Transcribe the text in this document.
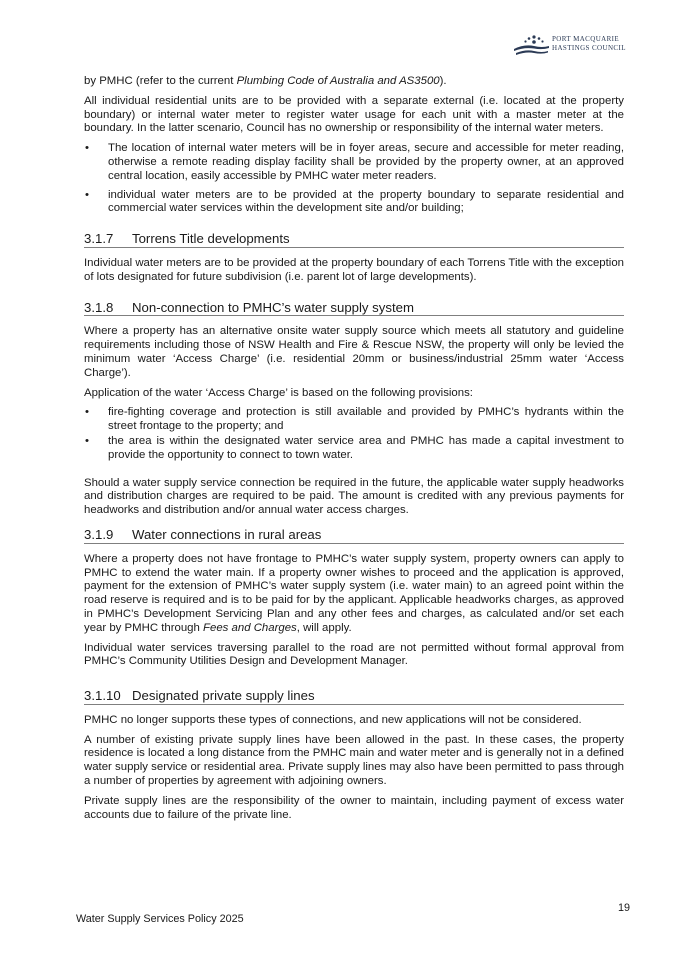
PORT MACQUARIE
HASTINGS COUNCIL

by PMHC (refer to the current Plumbing Code of Australia and AS3500).

All individual residential units are to be provided with a separate external (i.e. located at the property boundary) or internal water meter to register water usage for each unit with a master meter at the boundary. In the latter scenario, Council has no ownership or responsibility of the internal water meters.

• The location of internal water meters will be in foyer areas, secure and accessible for meter reading, otherwise a remote reading display facility shall be provided by the property owner, at an approved central location, easily accessible by PMHC water meter readers.
• individual water meters are to be provided at the property boundary to separate residential and commercial water services within the development site and/or building;
3.1.7 Torrens Title developments

Individual water meters are to be provided at the property boundary of each Torrens Title with the exception of lots designated for future subdivision (i.e. parent lot of large developments).

3.1.8 Non-connection to PMHC’s water supply system

Where a property has an alternative onsite water supply source which meets all statutory and guideline requirements including those of NSW Health and Fire & Rescue NSW, the property will only be levied the minimum water ‘Access Charge’ (i.e. residential 20mm or business/industrial 25mm water ‘Access Charge’).

Application of the water ‘Access Charge’ is based on the following provisions:

• fire-fighting coverage and protection is still available and provided by PMHC’s hydrants within the street frontage to the property; and
• the area is within the designated water service area and PMHC has made a capital investment to provide the opportunity to connect to town water.

Should a water supply service connection be required in the future, the applicable water supply headworks and distribution charges are required to be paid. The amount is credited with any previous payments for headworks and distribution and/or annual water access charges.

3.1.9 Water connections in rural areas

Where a property does not have frontage to PMHC’s water supply system, property owners can apply to PMHC to extend the water main. If a property owner wishes to proceed and the application is approved, payment for the extension of PMHC’s water supply system (i.e. water main) to an agreed point within the road reserve is required and is to be paid for by the applicant. Applicable headworks charges, as approved in PMHC’s Development Servicing Plan and any other fees and charges, as calculated and/or set each year by PMHC through Fees and Charges, will apply.

Individual water services traversing parallel to the road are not permitted without formal approval from PMHC’s Community Utilities Design and Development Manager.

3.1.10 Designated private supply lines

PMHC no longer supports these types of connections, and new applications will not be considered.

A number of existing private supply lines have been allowed in the past. In these cases, the property residence is located a long distance from the PMHC main and water meter and is generally not in a defined water supply service or residential area. Private supply lines may also have been permitted to pass through a number of properties by agreement with adjoining owners.

Private supply lines are the responsibility of the owner to maintain, including payment of excess water accounts due to failure of the private line.

19
Water Supply Services Policy 2025
